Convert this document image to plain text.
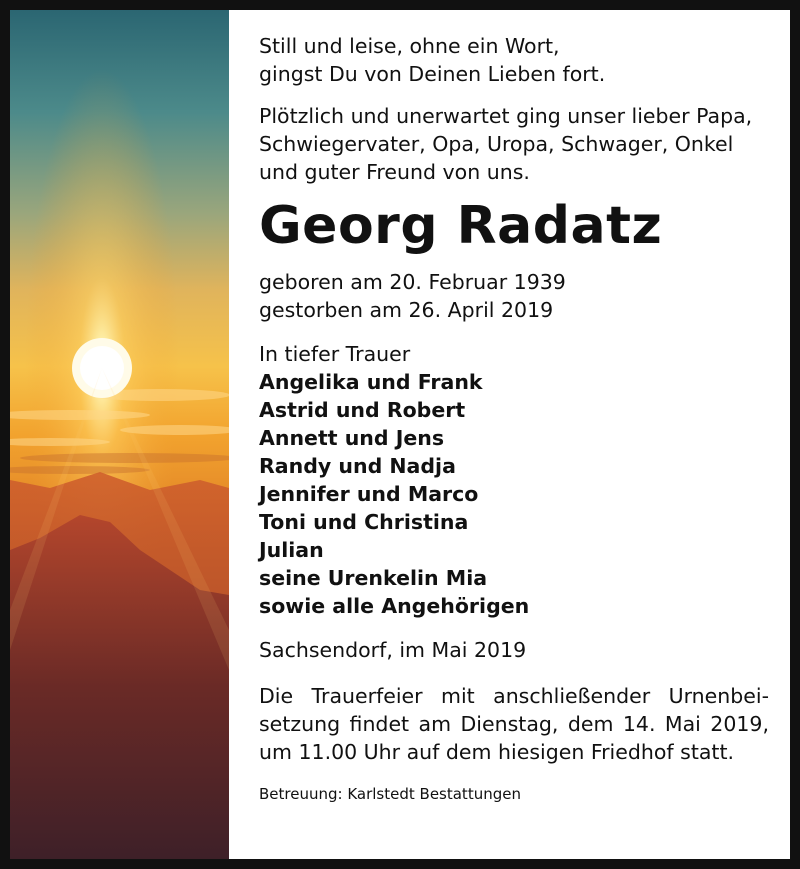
Still und leise, ohne ein Wort,
gingst Du von Deinen Lieben fort.
Plötzlich und unerwartet ging unser lieber Papa,
Schwiegervater, Opa, Uropa, Schwager, Onkel
und guter Freund von uns.
Georg Radatz
geboren am 20. Februar 1939
gestorben am 26. April 2019
In tiefer Trauer
Angelika und Frank
Astrid und Robert
Annett und Jens
Randy und Nadja
Jennifer und Marco
Toni und Christina
Julian
seine Urenkelin Mia
sowie alle Angehörigen
Sachsendorf, im Mai 2019
Die Trauerfeier mit anschließender Urnenbei-
setzung findet am Dienstag, dem 14. Mai 2019,
um 11.00 Uhr auf dem hiesigen Friedhof statt.
Betreuung: Karlstedt Bestattungen
